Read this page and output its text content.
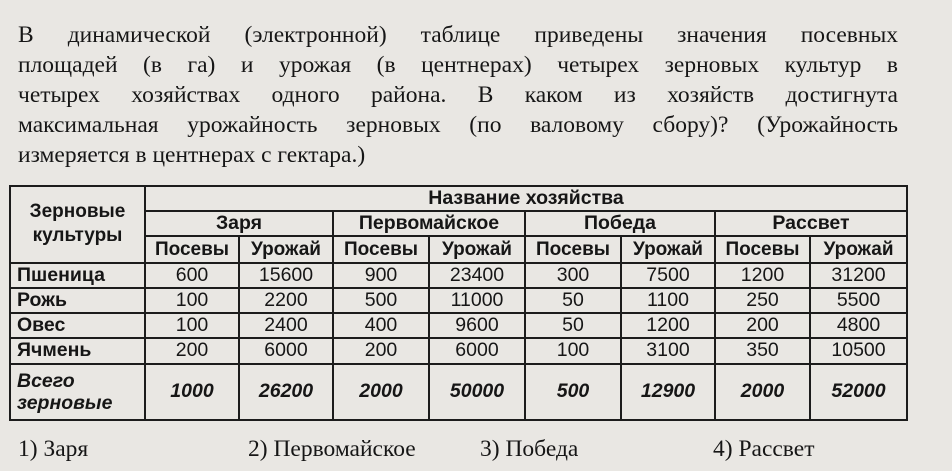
В динамической (электронной) таблице приведены значения посевных
площадей (в га) и урожая (в центнерах) четырех зерновых культур в
четырех хозяйствах одного района. В каком из хозяйств достигнута
максимальная урожайность зерновых (по валовому сбору)? (Урожайность
измеряется в центнерах с гектара.)
Зерновые
культуры	Название хозяйства							
	Заря		Первомайское		Победа		Рассвет	
	Посевы	Урожай	Посевы	Урожай	Посевы	Урожай	Посевы	Урожай
Пшеница	600	15600	900	23400	300	7500	1200	31200
Рожь	100	2200	500	11000	50	1100	250	5500
Овес	100	2400	400	9600	50	1200	200	4800
Ячмень	200	6000	200	6000	100	3100	350	10500
Всего
зерновые	1000	26200	2000	50000	500	12900	2000	52000
1) Заря	2) Первомайское	3) Победа	4) Рассвет
